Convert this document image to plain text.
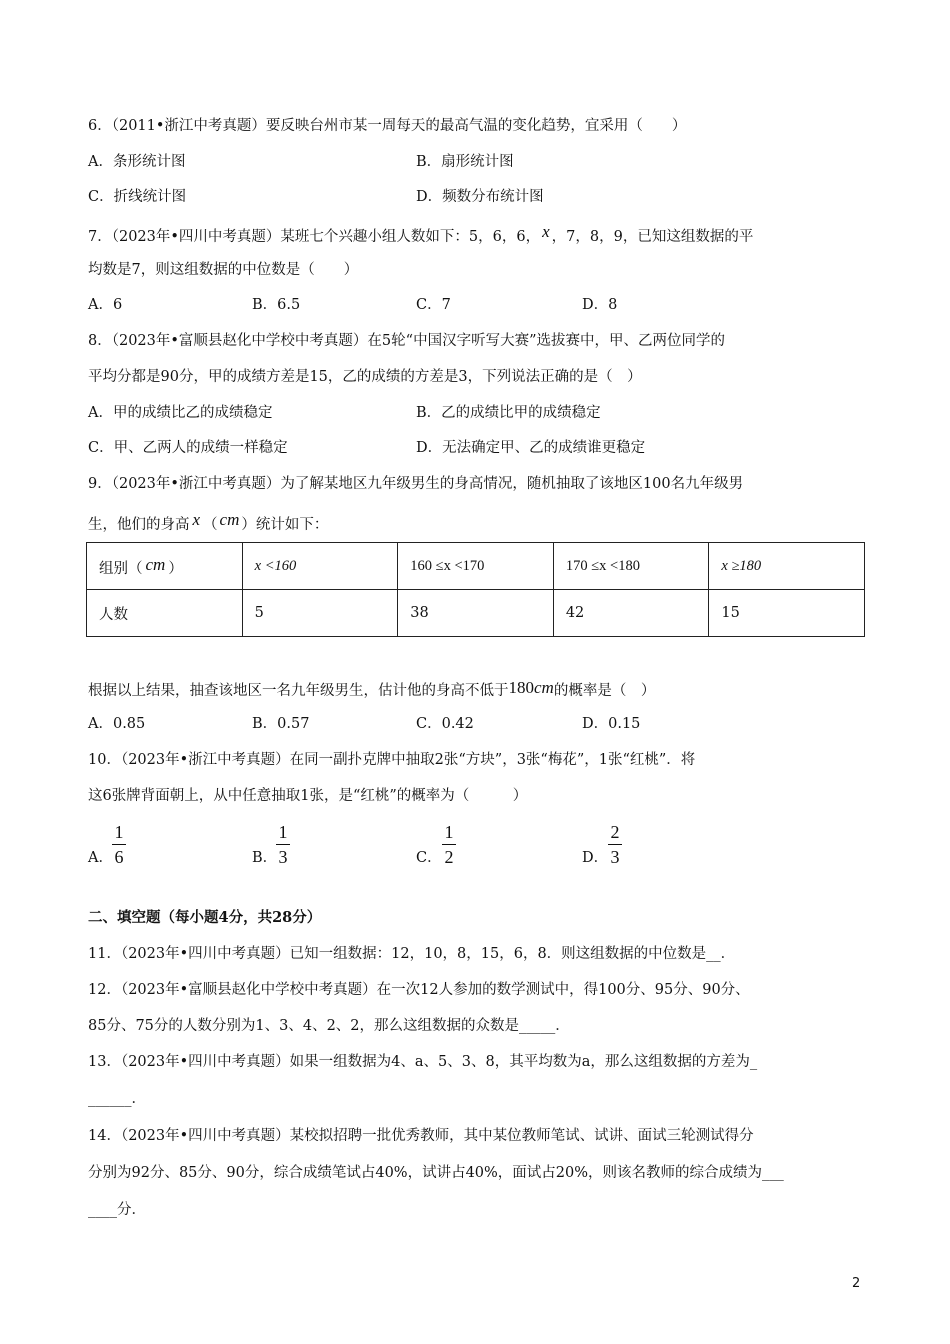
6．（2011•浙江中考真题）要反映台州市某一周每天的最高气温的变化趋势，宜采用（　　）
A．条形统计图	B．扇形统计图
C．折线统计图	D．频数分布统计图
7．（2023年•四川中考真题）某班七个兴趣小组人数如下：5，6，6， x ，7，8，9，已知这组数据的平
均数是7，则这组数据的中位数是（　　）
A．6	B．6.5	C．7	D．8
8．（2023年•富顺县赵化中学校中考真题）在5轮“中国汉字听写大赛”选拔赛中，甲、乙两位同学的
平均分都是90分，甲的成绩方差是15，乙的成绩的方差是3，下列说法正确的是（　）
A．甲的成绩比乙的成绩稳定	B．乙的成绩比甲的成绩稳定
C．甲、乙两人的成绩一样稳定	D．无法确定甲、乙的成绩谁更稳定
9．（2023年•浙江中考真题）为了解某地区九年级男生的身高情况，随机抽取了该地区100名九年级男
生，他们的身高 x （ cm ）统计如下：
组别（ cm ）	x <160	160 ≤x <170	170 ≤x <180	x ≥180
人数	5	38	42	15
根据以上结果，抽查该地区一名九年级男生，估计他的身高不低于180cm的概率是（　）
A．0.85	B．0.57	C．0.42	D．0.15
10．（2023年•浙江中考真题）在同一副扑克牌中抽取2张“方块”，3张“梅花”，1张“红桃”．将
这6张牌背面朝上，从中任意抽取1张，是“红桃”的概率为（　　　）
A．
1
6	B．
1
3	C．
1
2	D．
2
3
二、填空题（每小题4分，共28分）
11．（2023年•四川中考真题）已知一组数据：12，10，8，15，6，8．则这组数据的中位数是__．
12．（2023年•富顺县赵化中学校中考真题）在一次12人参加的数学测试中，得100分、95分、90分、
85分、75分的人数分别为1、3、4、2、2，那么这组数据的众数是_____．
13．（2023年•四川中考真题）如果一组数据为4、a、5、3、8，其平均数为a，那么这组数据的方差为_
______．
14．（2023年•四川中考真题）某校拟招聘一批优秀教师，其中某位教师笔试、试讲、面试三轮测试得分
分别为92分、85分、90分，综合成绩笔试占40%，试讲占40%，面试占20%，则该名教师的综合成绩为___
____分．
2
